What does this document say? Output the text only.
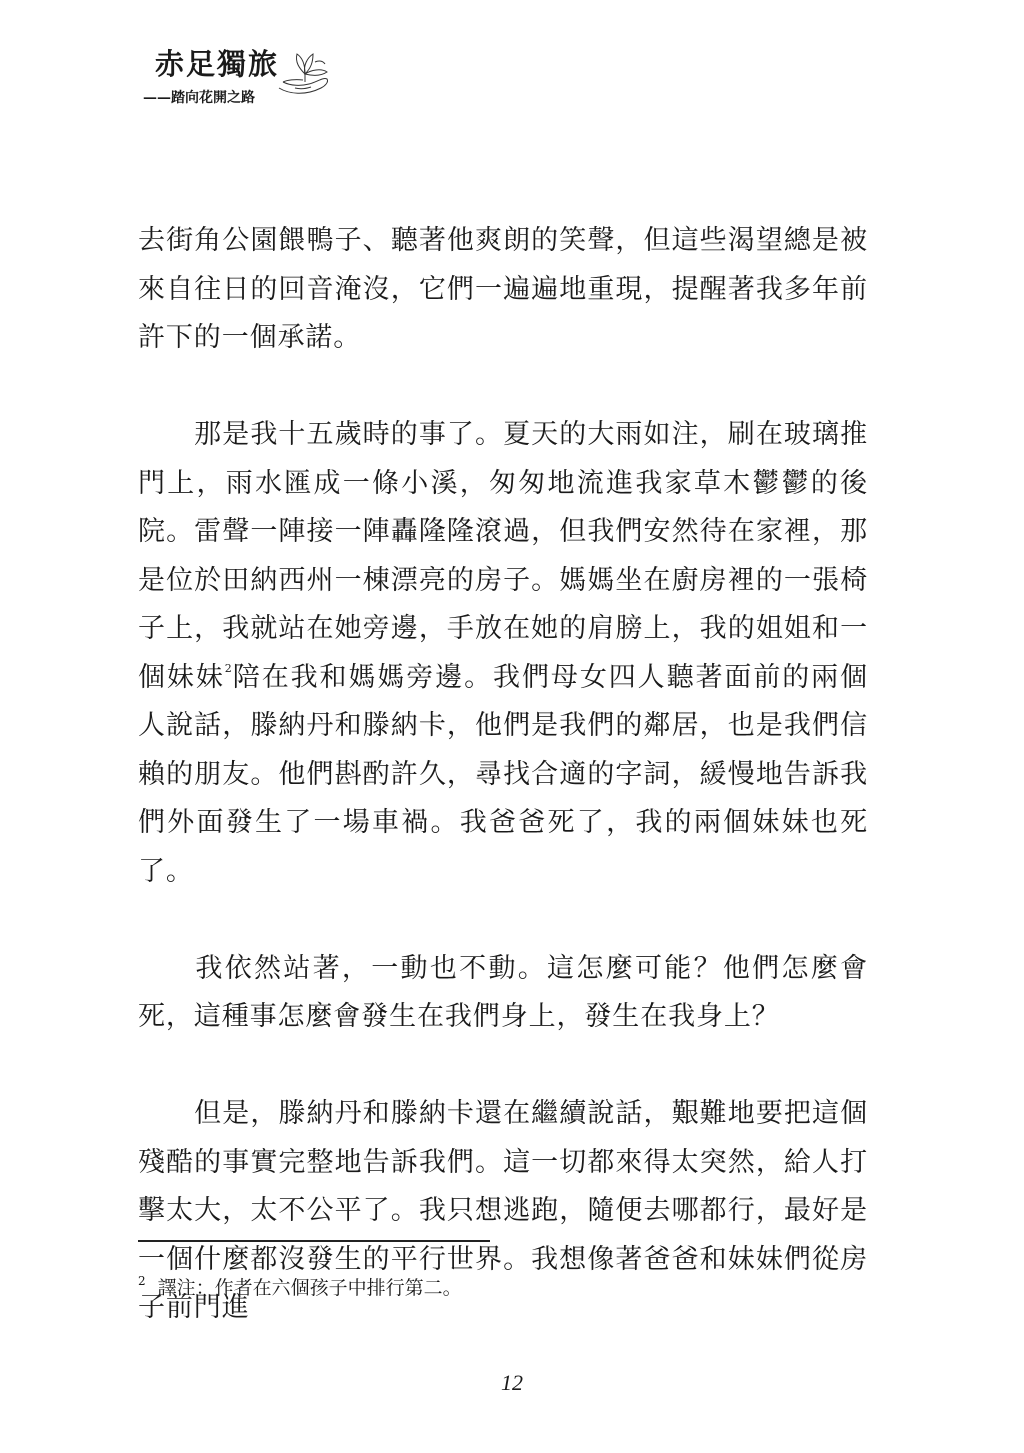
赤足獨旅
——踏向花開之路

去街角公園餵鴨子、聽著他爽朗的笑聲，但這些渴望總是被來自往日的回音淹沒，它們一遍遍地重現，提醒著我多年前許下的一個承諾。

那是我十五歲時的事了。夏天的大雨如注，刷在玻璃推門上，雨水匯成一條小溪，匆匆地流進我家草木鬱鬱的後院。雷聲一陣接一陣轟隆隆滾過，但我們安然待在家裡，那是位於田納西州一棟漂亮的房子。媽媽坐在廚房裡的一張椅子上，我就站在她旁邊，手放在她的肩膀上，我的姐姐和一個妹妹$^2$陪在我和媽媽旁邊。我們母女四人聽著面前的兩個人說話，滕納丹和滕納卡，他們是我們的鄰居，也是我們信賴的朋友。他們斟酌許久，尋找合適的字詞，緩慢地告訴我們外面發生了一場車禍。我爸爸死了，我的兩個妹妹也死了。

我依然站著，一動也不動。這怎麼可能？他們怎麼會死，這種事怎麼會發生在我們身上，發生在我身上？

但是，滕納丹和滕納卡還在繼續說話，艱難地要把這個殘酷的事實完整地告訴我們。這一切都來得太突然，給人打擊太大，太不公平了。我只想逃跑，隨便去哪都行，最好是一個什麼都沒發生的平行世界。我想像著爸爸和妹妹們從房子前門進

$^2$ 譯注：作者在六個孩子中排行第二。
12
